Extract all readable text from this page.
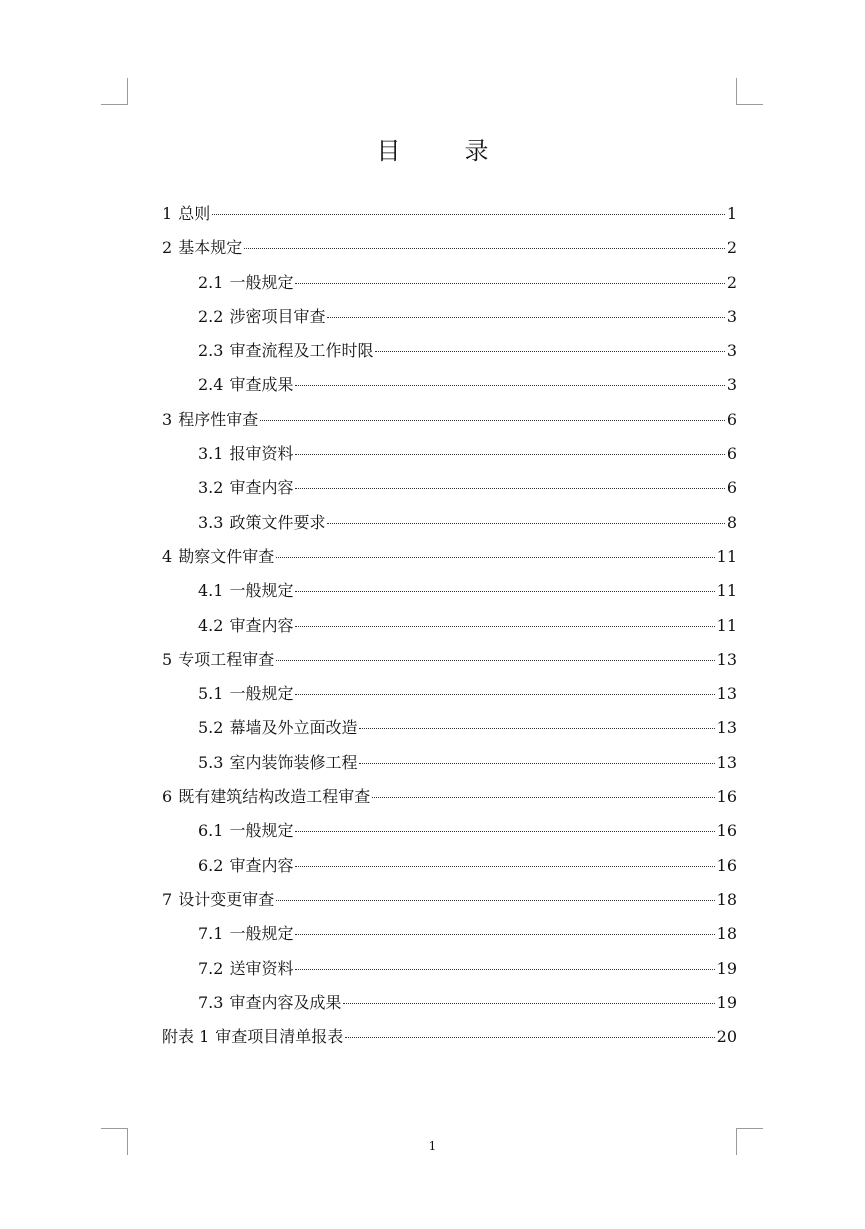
目　录
1 总则	1
2 基本规定	2
2.1 一般规定	2
2.2 涉密项目审查	3
2.3 审查流程及工作时限	3
2.4 审查成果	3
3 程序性审查	6
3.1 报审资料	6
3.2 审查内容	6
3.3 政策文件要求	8
4 勘察文件审查	11
4.1 一般规定	11
4.2 审查内容	11
5 专项工程审查	13
5.1 一般规定	13
5.2 幕墙及外立面改造	13
5.3 室内装饰装修工程	13
6 既有建筑结构改造工程审查	16
6.1 一般规定	16
6.2 审查内容	16
7 设计变更审查	18
7.1 一般规定	18
7.2 送审资料	19
7.3 审查内容及成果	19
附表 1 审查项目清单报表	20
1
